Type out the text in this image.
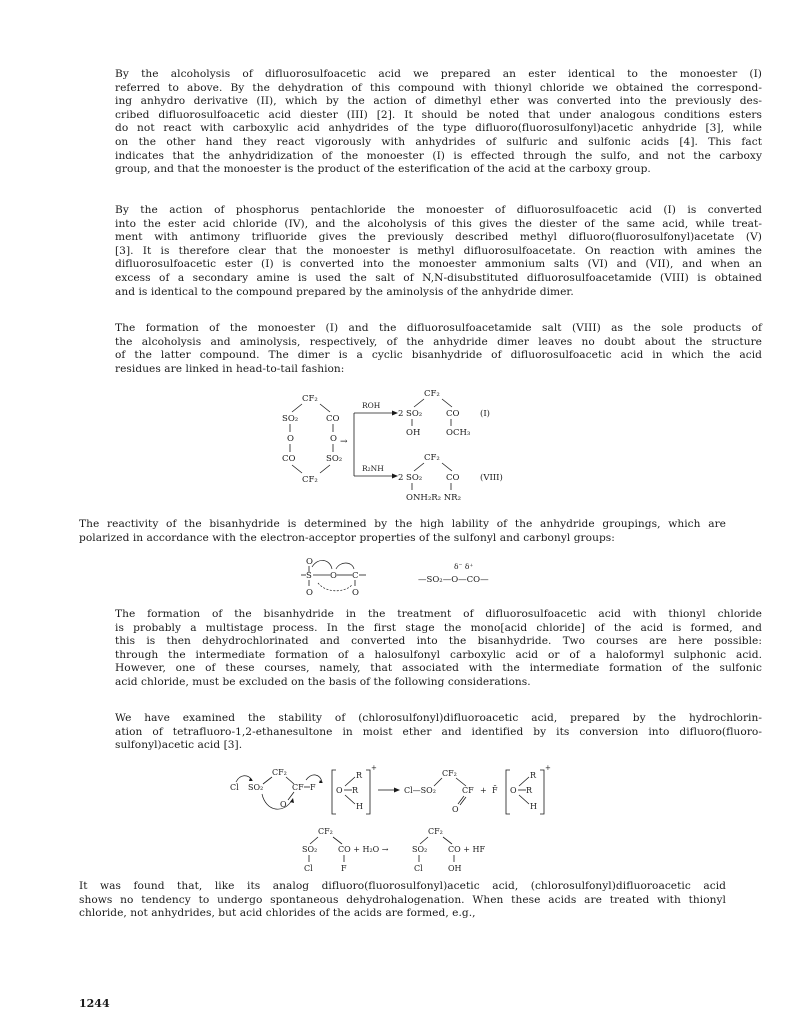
By the alcoholysis of difluorosulfoacetic acid we prepared an ester identical to the monoester (I)
referred to above. By the dehydration of this compound with thionyl chloride we obtained the correspond-
ing anhydro derivative (II), which by the action of dimethyl ether was converted into the previously des-
cribed difluorosulfoacetic acid diester (III) [2]. It should be noted that under analogous conditions esters
do not react with carboxylic acid anhydrides of the type difluoro(fluorosulfonyl)acetic anhydride [3], while
on the other hand they react vigorously with anhydrides of sulfuric and sulfonic acids [4]. This fact
indicates that the anhydridization of the monoester (I) is effected through the sulfo, and not the carboxy
group, and that the monoester is the product of the esterification of the acid at the carboxy group.

By the action of phosphorus pentachloride the monoester of difluorosulfoacetic acid (I) is converted
into the ester acid chloride (IV), and the alcoholysis of this gives the diester of the same acid, while treat-
ment with antimony trifluoride gives the previously described methyl difluoro(fluorosulfonyl)acetate (V)
[3]. It is therefore clear that the monoester is methyl difluorosulfoacetate. On reaction with amines the
difluorosulfoacetic ester (I) is converted into the monoester ammonium salts (VI) and (VII), and when an
excess of a secondary amine is used the salt of N,N-disubstituted difluorosulfoacetamide (VIII) is obtained
and is identical to the compound prepared by the aminolysis of the anhydride dimer.

The formation of the monoester (I) and the difluorosulfoacetamide salt (VIII) as the sole products of
the alcoholysis and aminolysis, respectively, of the anhydride dimer leaves no doubt about the structure
of the latter compound. The dimer is a cyclic bisanhydride of difluorosulfoacetic acid in which the acid
residues are linked in head-to-tail fashion:

CF₂
SO₂	CO
O	O →
CO	SO₂
CF₂
ROH
R₂NH
CF₂
2 SO₂	CO (I)
OH	OCH₃
CF₂
2 SO₂	CO (VIII)
ONH₂R₂ NR₂

The reactivity of the bisanhydride is determined by the high lability of the anhydride groupings, which are
polarized in accordance with the electron-acceptor properties of the sulfonyl and carbonyl groups:

O
S O C
O	O
δ⁻ δ⁺
—SO₂—O—CO—

The formation of the bisanhydride in the treatment of difluorosulfoacetic acid with thionyl chloride
is probably a multistage process. In the first stage the mono[acid chloride] of the acid is formed, and
this is then dehydrochlorinated and converted into the bisanhydride. Two courses are here possible:
through the intermediate formation of a halosulfonyl carboxylic acid or of a haloformyl sulphonic acid.
However, one of these courses, namely, that associated with the intermediate formation of the sulfonic
acid chloride, must be excluded on the basis of the following considerations.

We have examined the stability of (chlorosulfonyl)difluoroacetic acid, prepared by the hydrochlorin-
ation of tetrafluoro-1,2-ethanesultone in moist ether and identified by its conversion into difluoro(fluoro-
sulfonyl)acetic acid [3].

Cl SO₂
CF₂
CF F
O
+
R
O R
H
Cl—SO₂
CF₂
CF
O
+ F̄
+
R
O R
H
CF₂
SO₂	CO + H₂O →
Cl	F
CF₂
SO₂	CO + HF
Cl	OH

It was found that, like its analog difluoro(fluorosulfonyl)acetic acid, (chlorosulfonyl)difluoroacetic acid
shows no tendency to undergo spontaneous dehydrohalogenation. When these acids are treated with thionyl
chloride, not anhydrides, but acid chlorides of the acids are formed, e.g.,

1244
